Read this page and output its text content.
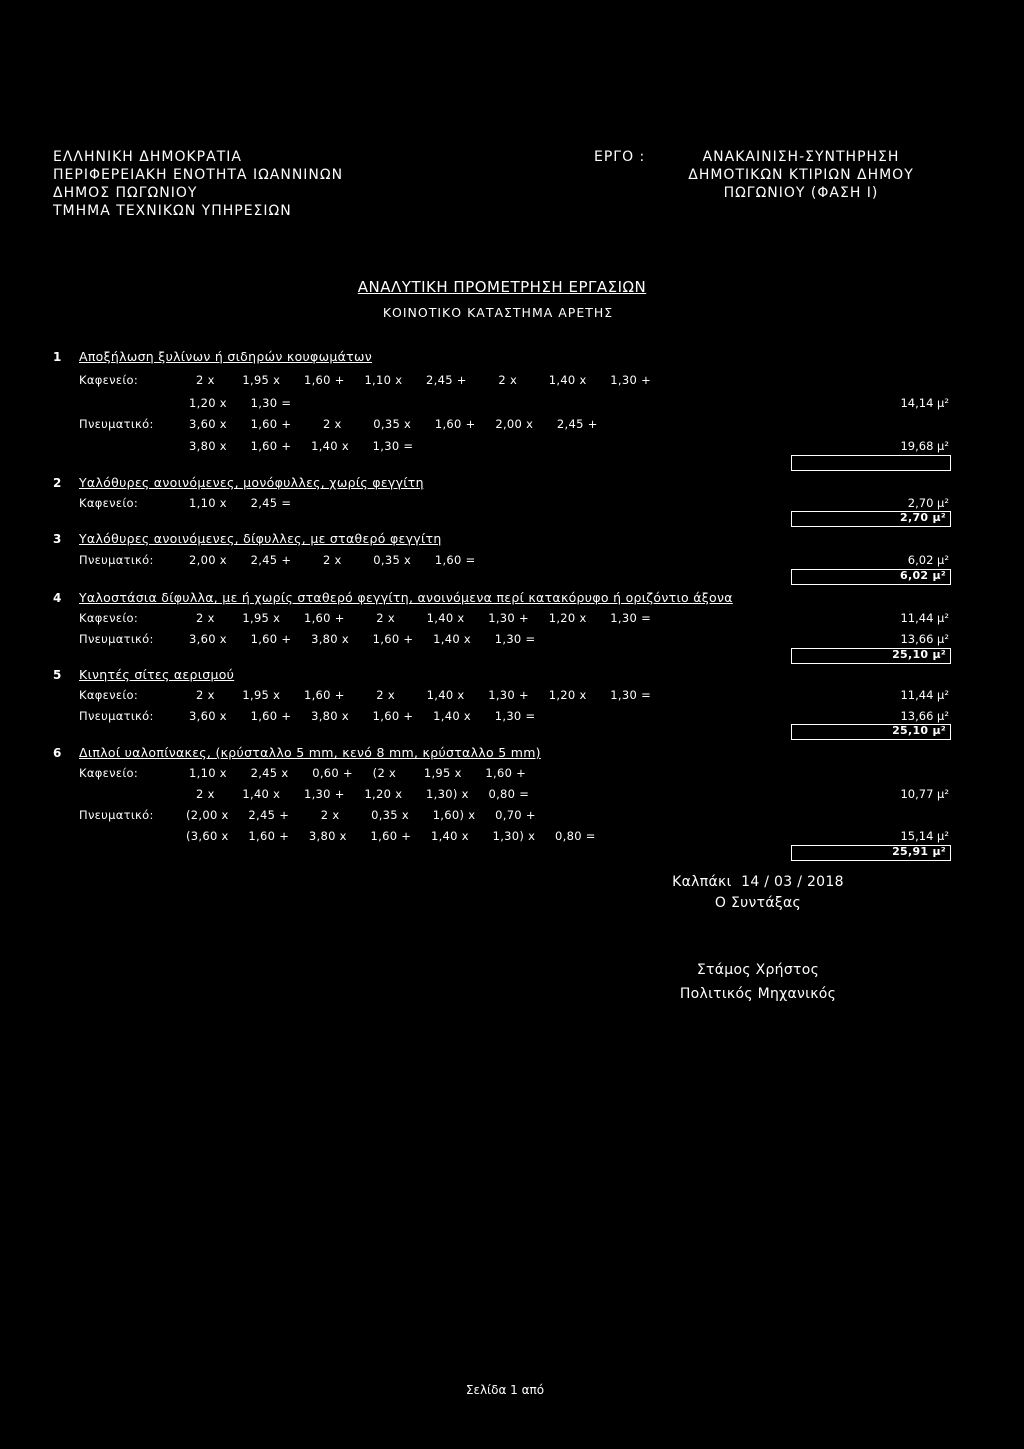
ΕΛΛΗΝΙΚΗ ΔΗΜΟΚΡΑΤΙΑ
ΠΕΡΙΦΕΡΕΙΑΚΗ ΕΝΟΤΗΤΑ ΙΩΑΝΝΙΝΩΝ
ΔΗΜΟΣ ΠΩΓΩΝΙΟΥ
ΤΜΗΜΑ ΤΕΧΝΙΚΩΝ ΥΠΗΡΕΣΙΩΝ
ΕΡΓΟ :	ΑΝΑΚΑΙΝΙΣΗ-ΣΥΝΤΗΡΗΣΗ
ΔΗΜΟΤΙΚΩΝ ΚΤΙΡΙΩΝ ΔΗΜΟΥ
ΠΩΓΩΝΙΟΥ (ΦΑΣΗ Ι)
ΑΝΑΛΥΤΙΚΗ ΠΡΟΜΕΤΡΗΣΗ ΕΡΓΑΣΙΩΝ
ΚΟΙΝΟΤΙΚΟ ΚΑΤΑΣΤΗΜΑ ΑΡΕΤΗΣ
1 Αποξήλωση ξυλίνων ή σιδηρών κουφωμάτων
Καφενείο:	2 x       1,95 x      1,60 +     1,10 x      2,45 +        2 x        1,40 x      1,30 +
1,20 x      1,30 =	14,14 μ²
Πνευματικό:	3,60 x      1,60 +        2 x        0,35 x      1,60 +     2,00 x      2,45 +
3,80 x      1,60 +     1,40 x      1,30 =	19,68 μ²
2 Υαλόθυρες ανοινόμενες, μονόφυλλες, χωρίς φεγγίτη
Καφενείο:	1,10 x      2,45 =	2,70 μ²
2,70 μ²
3 Υαλόθυρες ανοινόμενες, δίφυλλες, με σταθερό φεγγίτη
Πνευματικό:	2,00 x      2,45 +        2 x        0,35 x      1,60 =	6,02 μ²
6,02 μ²
4 Υαλοστάσια δίφυλλα, με ή χωρίς σταθερό φεγγίτη, ανοινόμενα περί κατακόρυφο ή οριζόντιο άξονα
Καφενείο:	2 x       1,95 x      1,60 +        2 x        1,40 x      1,30 +     1,20 x      1,30 =	11,44 μ²
Πνευματικό:	3,60 x      1,60 +     3,80 x      1,60 +     1,40 x      1,30 =	13,66 μ²
25,10 μ²
5 Κινητές σίτες αερισμού
Καφενείο:	2 x       1,95 x      1,60 +        2 x        1,40 x      1,30 +     1,20 x      1,30 =	11,44 μ²
Πνευματικό:	3,60 x      1,60 +     3,80 x      1,60 +     1,40 x      1,30 =	13,66 μ²
25,10 μ²
6 Διπλοί υαλοπίνακες, (κρύσταλλο 5 mm, κενό 8 mm, κρύσταλλο 5 mm)
Καφενείο:	1,10 x      2,45 x      0,60 +     (2 x       1,95 x      1,60 +
2 x       1,40 x      1,30 +     1,20 x      1,30) x     0,80 =	10,77 μ²
Πνευματικό:	(2,00 x     2,45 +        2 x        0,35 x      1,60) x     0,70 +
(3,60 x     1,60 +     3,80 x      1,60 +     1,40 x      1,30) x     0,80 =	15,14 μ²
25,91 μ²
Καλπάκι  14 / 03 / 2018
Ο Συντάξας
Στάμος Χρήστος
Πολιτικός Μηχανικός
Σελίδα 1 από
